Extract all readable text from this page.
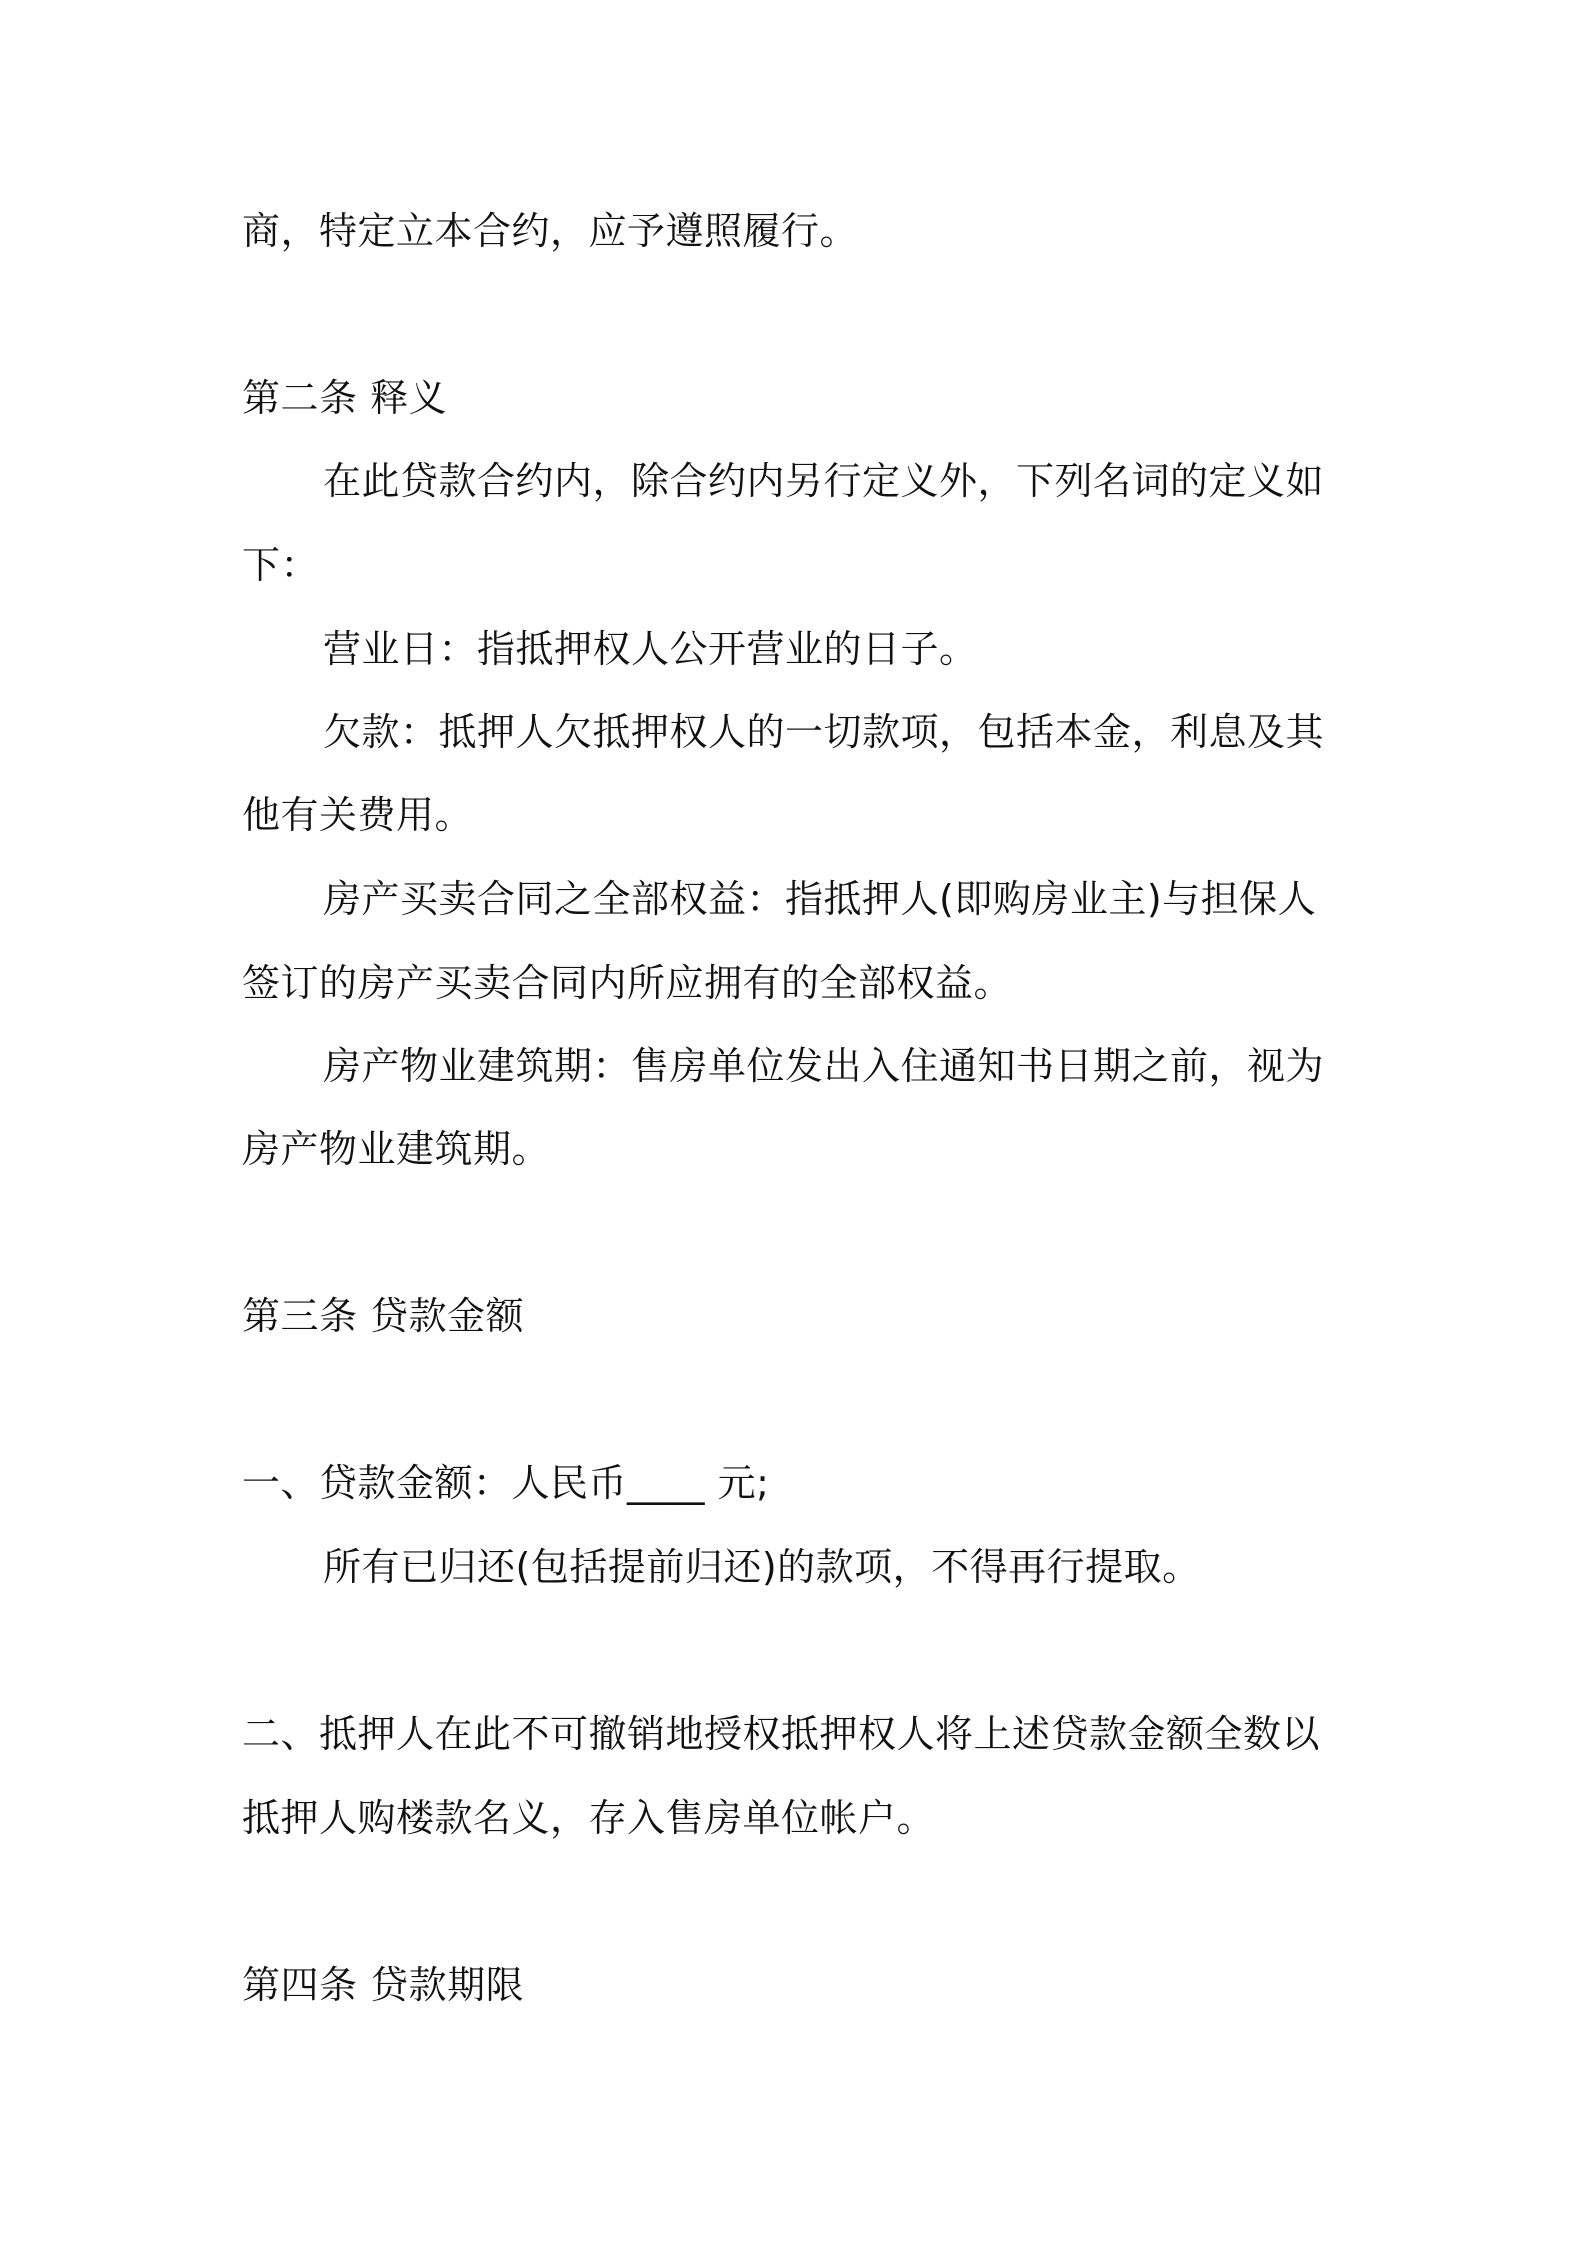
商，特定立本合约，应予遵照履行。

第二条 释义

在此贷款合约内，除合约内另行定义外，下列名词的定义如

下：

营业日：指抵押权人公开营业的日子。

欠款：抵押人欠抵押权人的一切款项，包括本金，利息及其

他有关费用。

房产买卖合同之全部权益：指抵押人(即购房业主)与担保人

签订的房产买卖合同内所应拥有的全部权益。

房产物业建筑期：售房单位发出入住通知书日期之前，视为

房产物业建筑期。

第三条 贷款金额

一、贷款金额：人民币____ 元;

所有已归还(包括提前归还)的款项，不得再行提取。

二、抵押人在此不可撤销地授权抵押权人将上述贷款金额全数以

抵押人购楼款名义，存入售房单位帐户。

第四条 贷款期限
